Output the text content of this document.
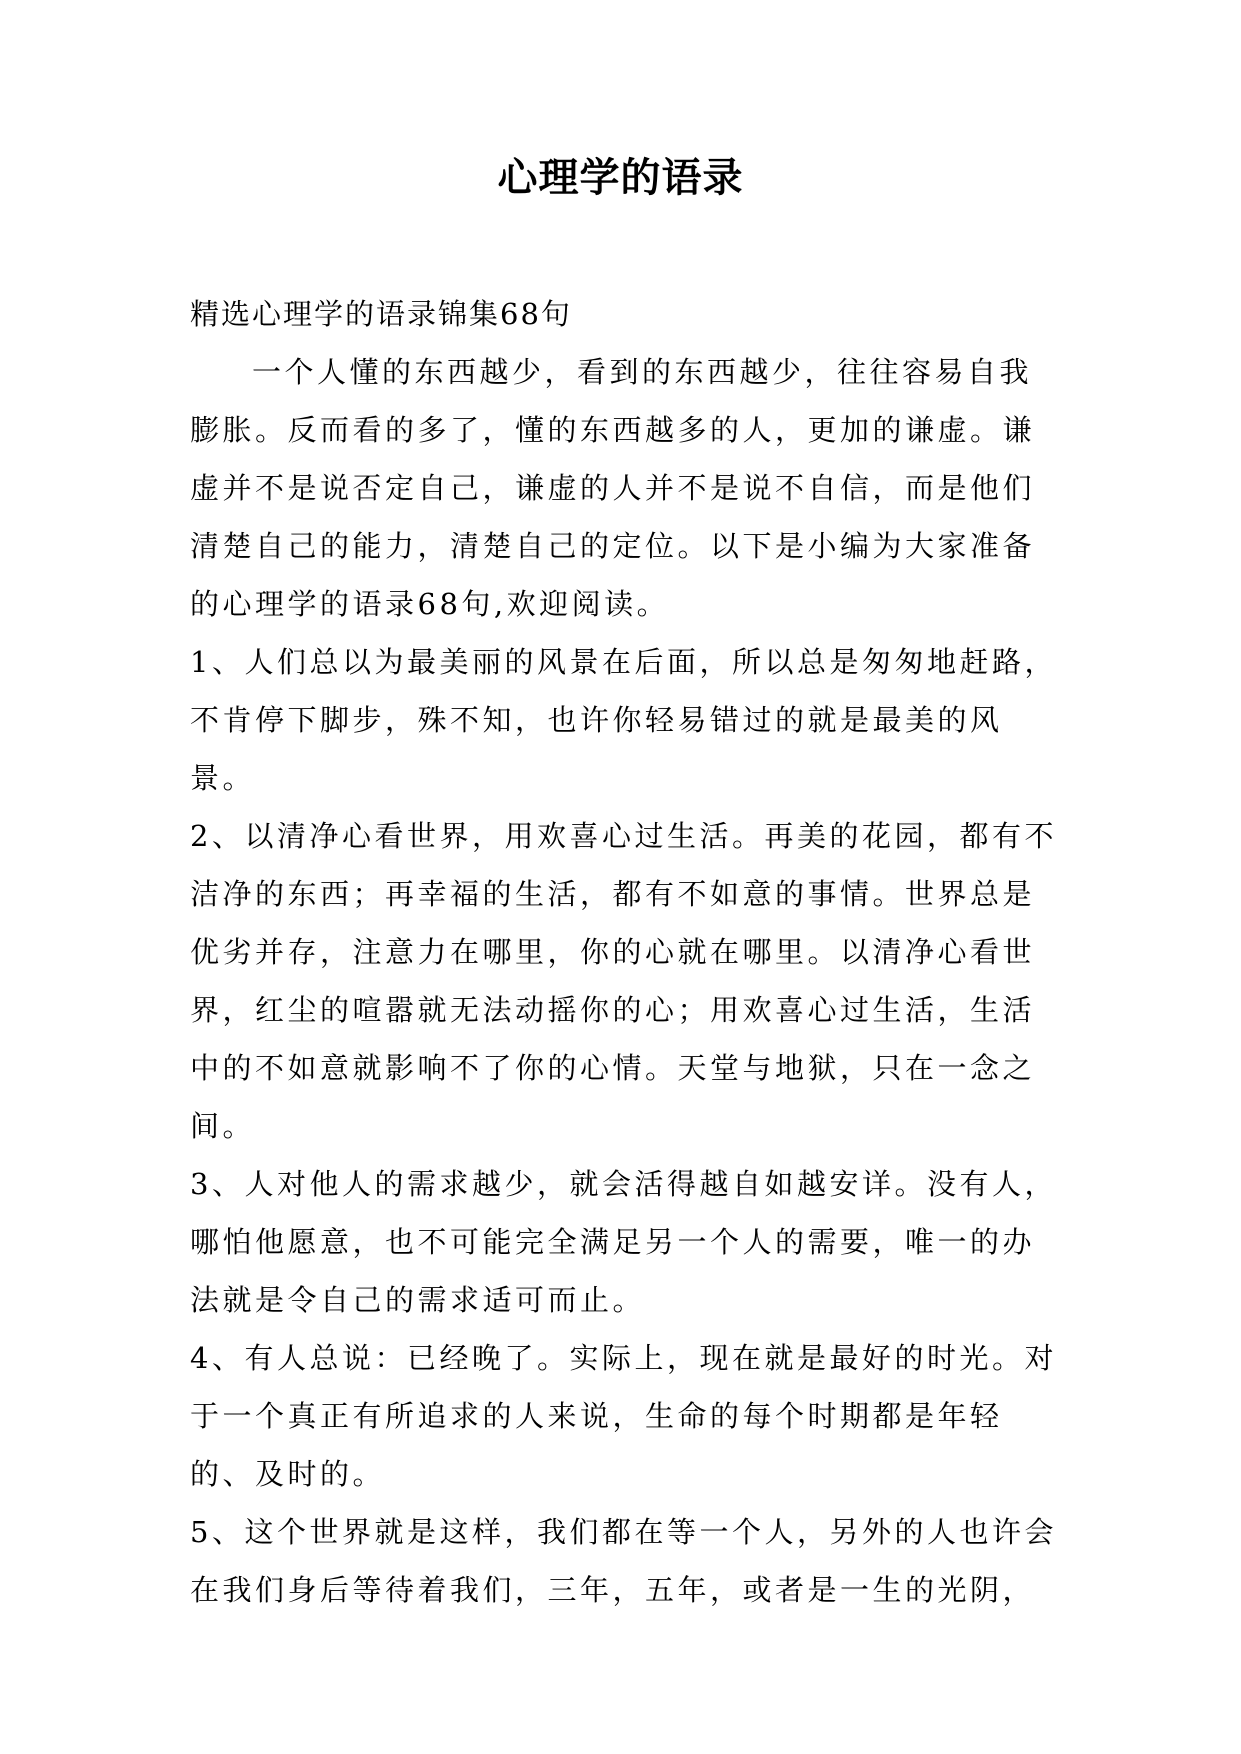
心理学的语录

精选心理学的语录锦集68句

一个人懂的东西越少，看到的东西越少，往往容易自我膨胀。反而看的多了，懂的东西越多的人，更加的谦虚。谦虚并不是说否定自己，谦虚的人并不是说不自信，而是他们清楚自己的能力，清楚自己的定位。以下是小编为大家准备的心理学的语录68句,欢迎阅读。

1、人们总以为最美丽的风景在后面，所以总是匆匆地赶路，不肯停下脚步，殊不知，也许你轻易错过的就是最美的风景。

2、以清净心看世界，用欢喜心过生活。再美的花园，都有不洁净的东西；再幸福的生活，都有不如意的事情。世界总是优劣并存，注意力在哪里，你的心就在哪里。以清净心看世界，红尘的喧嚣就无法动摇你的心；用欢喜心过生活，生活中的不如意就影响不了你的心情。天堂与地狱，只在一念之间。

3、人对他人的需求越少，就会活得越自如越安详。没有人，哪怕他愿意，也不可能完全满足另一个人的需要，唯一的办法就是令自己的需求适可而止。

4、有人总说：已经晚了。实际上，现在就是最好的时光。对于一个真正有所追求的人来说，生命的每个时期都是年轻的、及时的。

5、这个世界就是这样，我们都在等一个人，另外的人也许会在我们身后等待着我们，三年，五年，或者是一生的光阴，
